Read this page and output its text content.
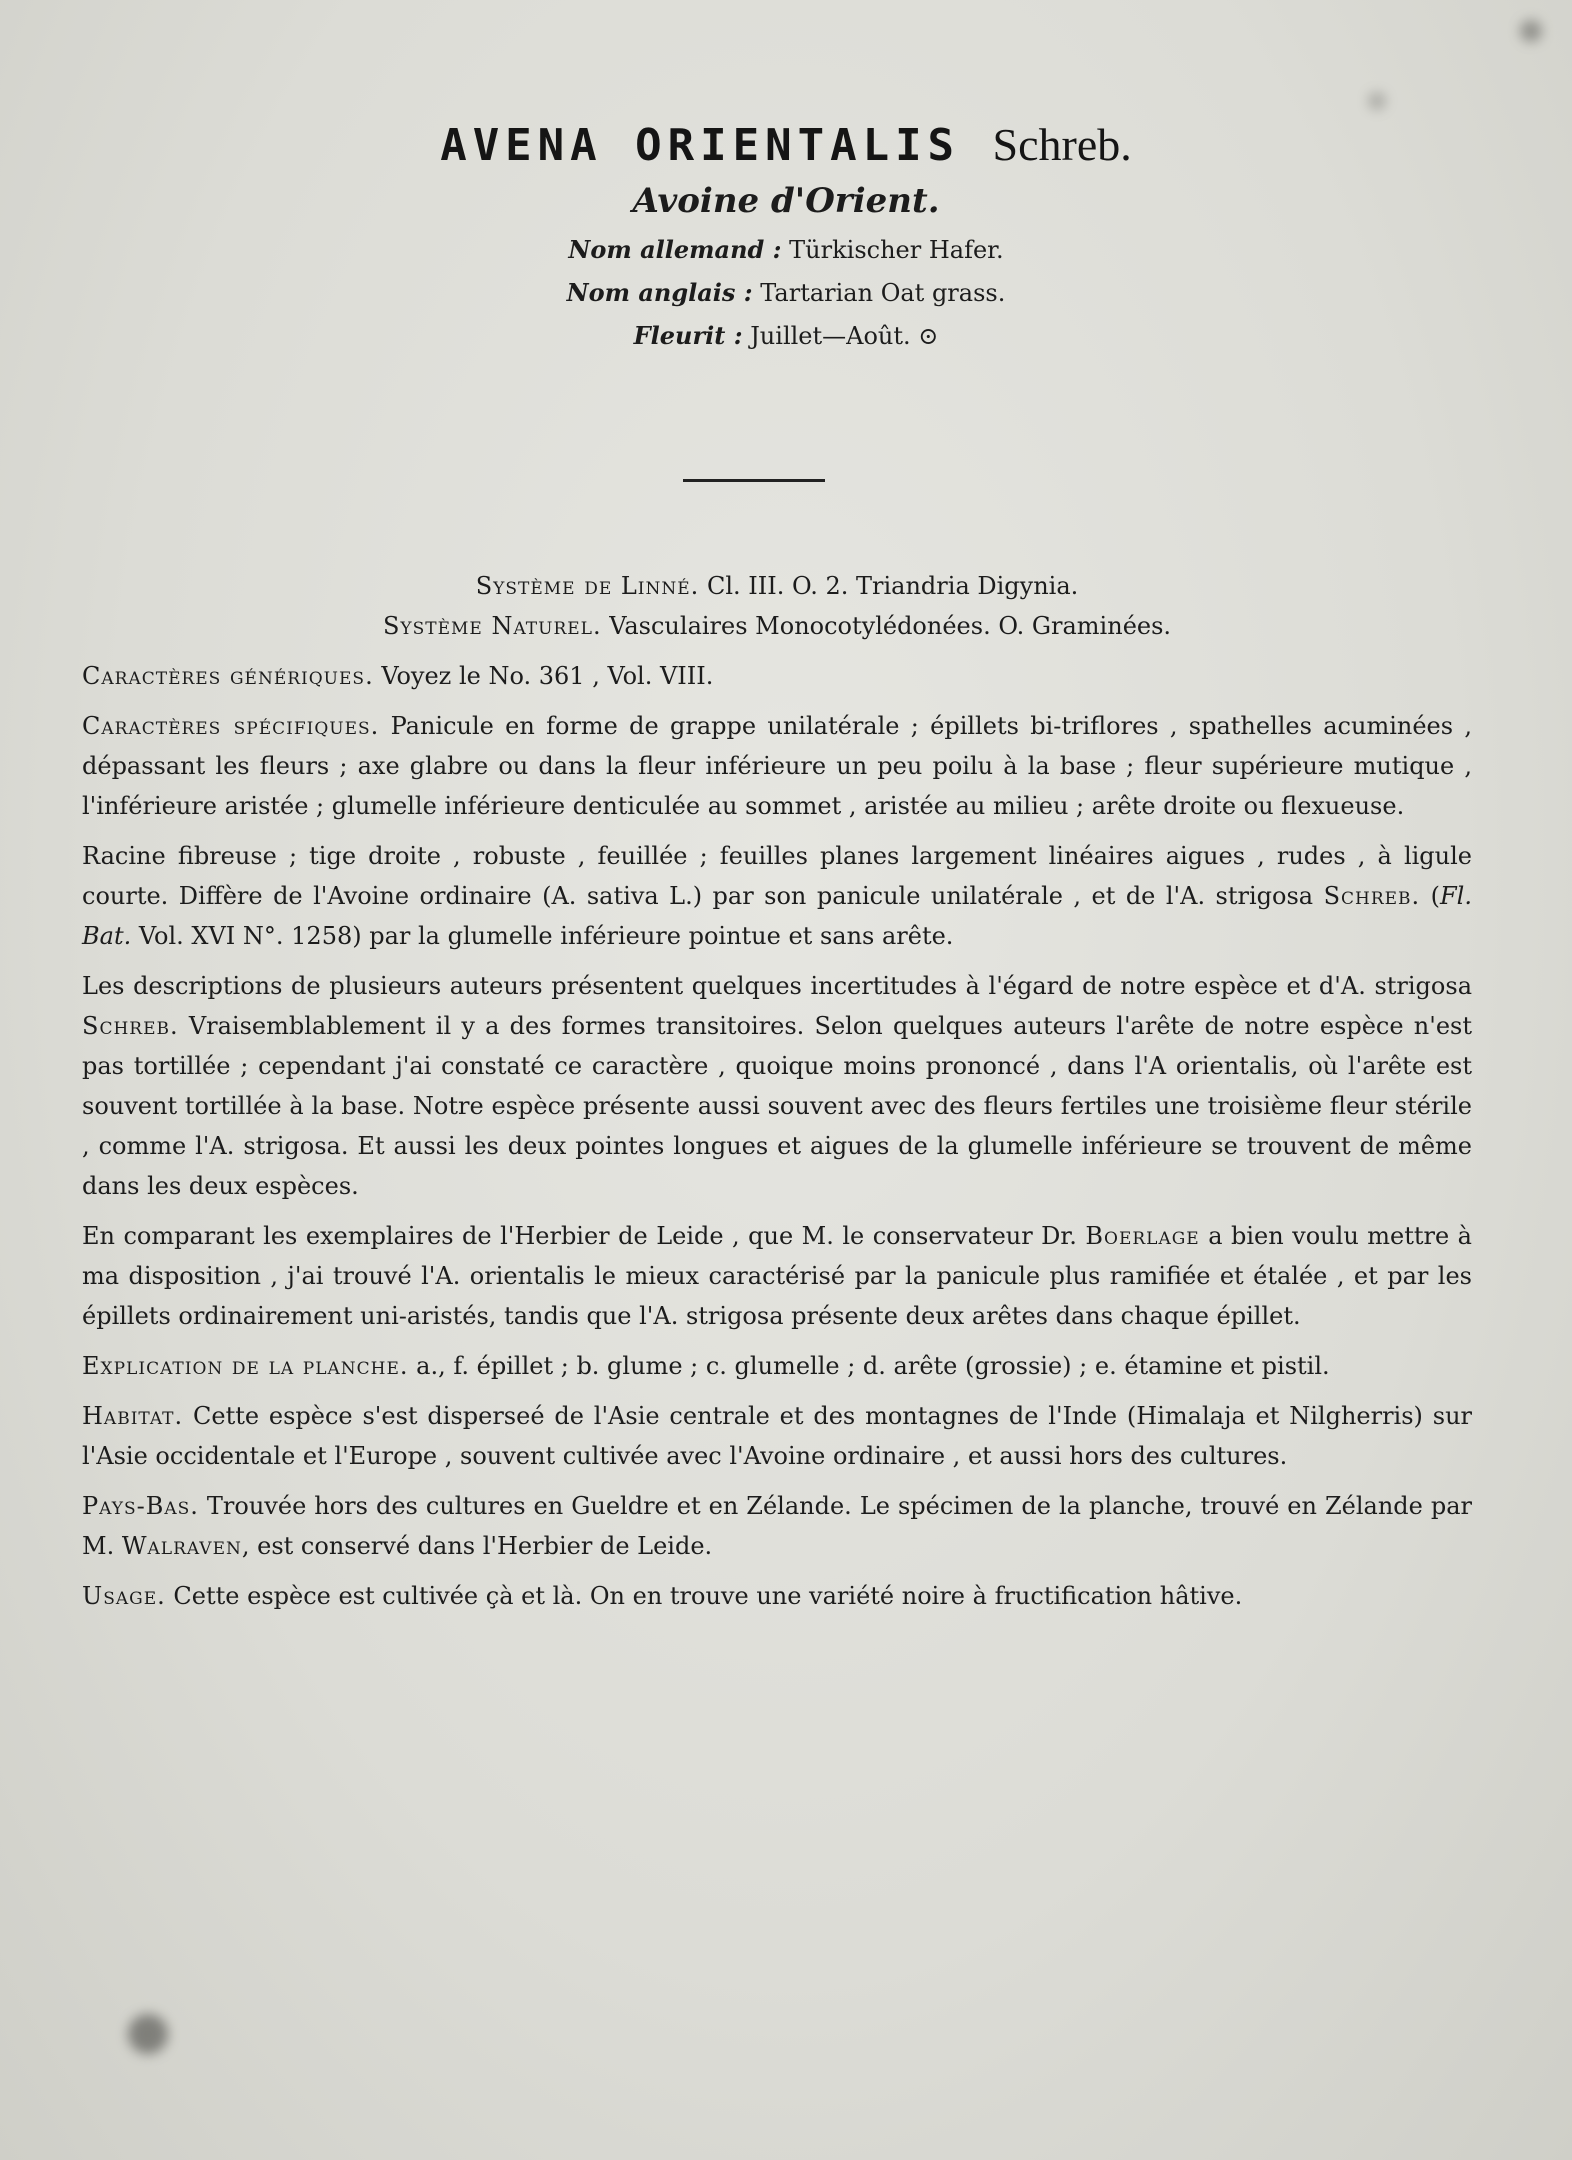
AVENA ORIENTALIS Schreb.
Avoine d'Orient.
Nom allemand : Türkischer Hafer.
Nom anglais : Tartarian Oat grass.
Fleurit : Juillet—Août. ⊙
Système de Linné. Cl. III. O. 2. Triandria Digynia.
Système Naturel. Vasculaires Monocotylédonées. O. Graminées.

Caractères génériques. Voyez le No. 361 , Vol. VIII.

Caractères spécifiques. Panicule en forme de grappe unilatérale ; épillets bi-triflores , spathelles acuminées , dépassant les fleurs ; axe glabre ou dans la fleur inférieure un peu poilu à la base ; fleur supérieure mutique , l'inférieure aristée ; glumelle inférieure denticulée au sommet , aristée au milieu ; arête droite ou flexueuse.

Racine fibreuse ; tige droite , robuste , feuillée ; feuilles planes largement linéaires aigues , rudes , à ligule courte. Diffère de l'Avoine ordinaire (A. sativa L.) par son panicule unilatérale , et de l'A. strigosa Schreb. (Fl. Bat. Vol. XVI N°. 1258) par la glumelle inférieure pointue et sans arête.

Les descriptions de plusieurs auteurs présentent quelques incertitudes à l'égard de notre espèce et d'A. strigosa Schreb. Vraisemblablement il y a des formes transitoires. Selon quelques auteurs l'arête de notre espèce n'est pas tortillée ; cependant j'ai constaté ce caractère , quoique moins prononcé , dans l'A orientalis, où l'arête est souvent tortillée à la base. Notre espèce présente aussi souvent avec des fleurs fertiles une troisième fleur stérile , comme l'A. strigosa. Et aussi les deux pointes longues et aigues de la glumelle inférieure se trouvent de même dans les deux espèces.

En comparant les exemplaires de l'Herbier de Leide , que M. le conservateur Dr. Boerlage a bien voulu mettre à ma disposition , j'ai trouvé l'A. orientalis le mieux caractérisé par la panicule plus ramifiée et étalée , et par les épillets ordinairement uni-aristés, tandis que l'A. strigosa présente deux arêtes dans chaque épillet.

Explication de la planche. a., f. épillet ; b. glume ; c. glumelle ; d. arête (grossie) ; e. étamine et pistil.

Habitat. Cette espèce s'est disperseé de l'Asie centrale et des montagnes de l'Inde (Himalaja et Nilgherris) sur l'Asie occidentale et l'Europe , souvent cultivée avec l'Avoine ordinaire , et aussi hors des cultures.

Pays-Bas. Trouvée hors des cultures en Gueldre et en Zélande. Le spécimen de la planche, trouvé en Zélande par M. Walraven, est conservé dans l'Herbier de Leide.

Usage. Cette espèce est cultivée çà et là. On en trouve une variété noire à fructification hâtive.
